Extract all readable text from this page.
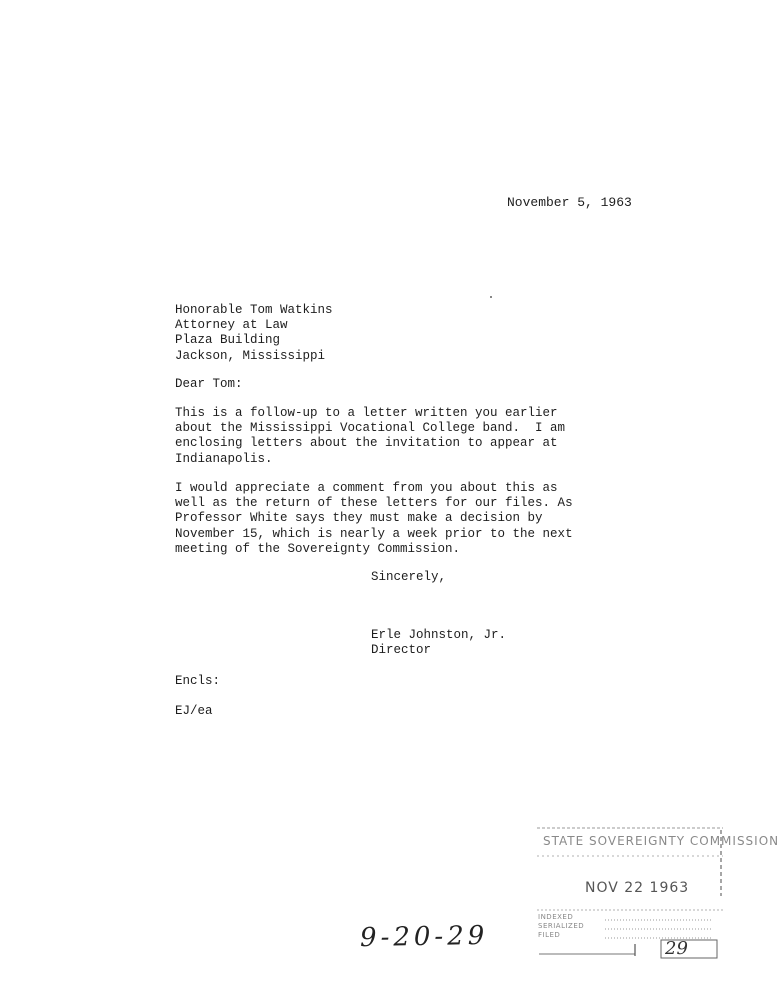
November 5, 1963
Honorable Tom Watkins
Attorney at Law
Plaza Building
Jackson, Mississippi
Dear Tom:
This is a follow-up to a letter written you earlier
about the Mississippi Vocational College band.  I am
enclosing letters about the invitation to appear at
Indianapolis.
I would appreciate a comment from you about this as
well as the return of these letters for our files. As
Professor White says they must make a decision by
November 15, which is nearly a week prior to the next
meeting of the Sovereignty Commission.
Sincerely,
Erle Johnston, Jr.
Director
Encls:
EJ/ea
9-20-29
STATE SOVEREIGNTY COMMISSION
NOV 22 1963
INDEXED
SERIALIZED
FILED
29
